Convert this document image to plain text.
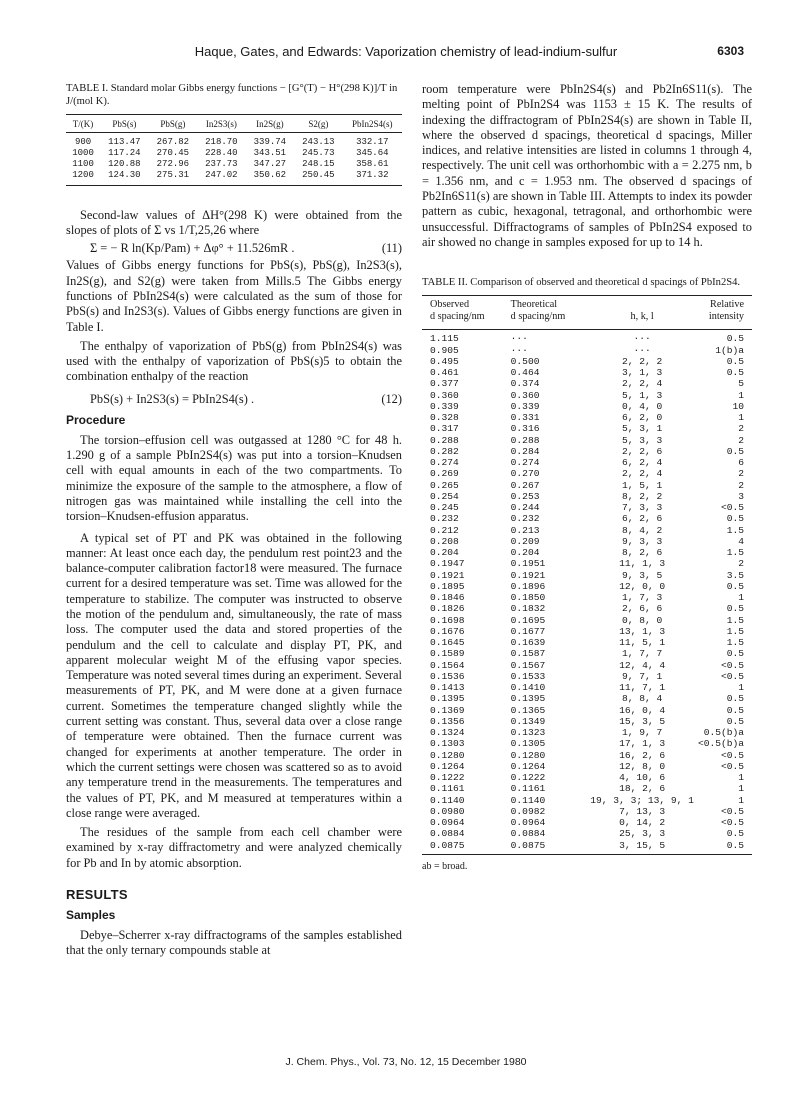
Haque, Gates, and Edwards: Vaporization chemistry of lead-indium-sulfur	6303

TABLE I. Standard molar Gibbs energy functions − [G°(T) − H°(298 K)]/T in J/(mol K).

T/(K)	PbS(s)	PbS(g)	In2S3(s)	In2S(g)	S2(g)	PbIn2S4(s)
900	113.47	267.82	218.70	339.74	243.13	332.17
1000	117.24	270.45	228.40	343.51	245.73	345.64
1100	120.88	272.96	237.73	347.27	248.15	358.61
1200	124.30	275.31	247.02	350.62	250.45	371.32

Second-law values of ΔH°(298 K) were obtained from the slopes of plots of Σ vs 1/T,25,26 where

Σ = − R ln(Kp/Pam) + Δφ° + 11.526mR .	(11)

Values of Gibbs energy functions for PbS(s), PbS(g), In2S3(s), In2S(g), and S2(g) were taken from Mills.5 The Gibbs energy functions of PbIn2S4(s) were calculated as the sum of those for PbS(s) and In2S3(s). Values of Gibbs energy functions are given in Table I.

The enthalpy of vaporization of PbS(g) from PbIn2S4(s) was used with the enthalpy of vaporization of PbS(s)5 to obtain the combination enthalpy of the reaction

PbS(s) + In2S3(s) = PbIn2S4(s) .	(12)
Procedure

The torsion–effusion cell was outgassed at 1280 °C for 48 h. 1.290 g of a sample PbIn2S4(s) was put into a torsion–Knudsen cell with equal amounts in each of the two compartments. To minimize the exposure of the sample to the atmosphere, a flow of nitrogen gas was maintained while installing the cell into the torsion–Knudsen-effusion apparatus.

A typical set of PT and PK was obtained in the following manner: At least once each day, the pendulum rest point23 and the balance-computer calibration factor18 were measured. The furnace current for a desired temperature was set. Time was allowed for the temperature to stabilize. The computer was instructed to observe the motion of the pendulum and, simultaneously, the rate of mass loss. The computer used the data and stored properties of the pendulum and the cell to calculate and display PT, PK, and apparent molecular weight M of the effusing vapor species. Temperature was noted several times during an experiment. Several measurements of PT, PK, and M were done at a given furnace current. Sometimes the temperature changed slightly while the current setting was constant. Thus, several data over a close range of temperature were obtained. Then the furnace current was changed for experiments at another temperature. The order in which the current settings were chosen was scattered so as to avoid any temperature trend in the measurements. The temperatures and the values of PT, PK, and M measured at temperatures within a close range were averaged.

The residues of the sample from each cell chamber were examined by x-ray diffractometry and were analyzed chemically for Pb and In by atomic absorption.

RESULTS
Samples

Debye–Scherrer x-ray diffractograms of the samples established that the only ternary compounds stable at

room temperature were PbIn2S4(s) and Pb2In6S11(s). The melting point of PbIn2S4 was 1153 ± 15 K. The results of indexing the diffractogram of PbIn2S4(s) are shown in Table II, where the observed d spacings, theoretical d spacings, Miller indices, and relative intensities are listed in columns 1 through 4, respectively. The unit cell was orthorhombic with a = 2.275 nm, b = 1.356 nm, and c = 1.953 nm. The observed d spacings of Pb2In6S11(s) are shown in Table III. Attempts to index its powder pattern as cubic, hexagonal, tetragonal, and orthorhombic were unsuccessful. Diffractograms of samples of PbIn2S4 exposed to air showed no change in samples exposed for up to 14 h.

TABLE II. Comparison of observed and theoretical d spacings of PbIn2S4.

Observed
d spacing/nm	Theoretical
d spacing/nm	h, k, l	Relative
intensity
1.115	···	···	0.5
0.905	···	···	1(b)a
0.495	0.500	2, 2, 2	0.5
0.461	0.464	3, 1, 3	0.5
0.377	0.374	2, 2, 4	5
0.360	0.360	5, 1, 3	1
0.339	0.339	0, 4, 0	10
0.328	0.331	6, 2, 0	1
0.317	0.316	5, 3, 1	2
0.288	0.288	5, 3, 3	2
0.282	0.284	2, 2, 6	0.5
0.274	0.274	6, 2, 4	6
0.269	0.270	2, 2, 4	2
0.265	0.267	1, 5, 1	2
0.254	0.253	8, 2, 2	3
0.245	0.244	7, 3, 3	<0.5
0.232	0.232	6, 2, 6	0.5
0.212	0.213	8, 4, 2	1.5
0.208	0.209	9, 3, 3	4
0.204	0.204	8, 2, 6	1.5
0.1947	0.1951	11, 1, 3	2
0.1921	0.1921	9, 3, 5	3.5
0.1895	0.1896	12, 0, 0	0.5
0.1846	0.1850	1, 7, 3	1
0.1826	0.1832	2, 6, 6	0.5
0.1698	0.1695	0, 8, 0	1.5
0.1676	0.1677	13, 1, 3	1.5
0.1645	0.1639	11, 5, 1	1.5
0.1589	0.1587	1, 7, 7	0.5
0.1564	0.1567	12, 4, 4	<0.5
0.1536	0.1533	9, 7, 1	<0.5
0.1413	0.1410	11, 7, 1	1
0.1395	0.1395	8, 8, 4	0.5
0.1369	0.1365	16, 0, 4	0.5
0.1356	0.1349	15, 3, 5	0.5
0.1324	0.1323	1, 9, 7	0.5(b)a
0.1303	0.1305	17, 1, 3	<0.5(b)a
0.1280	0.1280	16, 2, 6	<0.5
0.1264	0.1264	12, 8, 0	<0.5
0.1222	0.1222	4, 10, 6	1
0.1161	0.1161	18, 2, 6	1
0.1140	0.1140	19, 3, 3; 13, 9, 1	1
0.0980	0.0982	7, 13, 3	<0.5
0.0964	0.0964	0, 14, 2	<0.5
0.0884	0.0884	25, 3, 3	0.5
0.0875	0.0875	3, 15, 5	0.5

ab = broad.

J. Chem. Phys., Vol. 73, No. 12, 15 December 1980
